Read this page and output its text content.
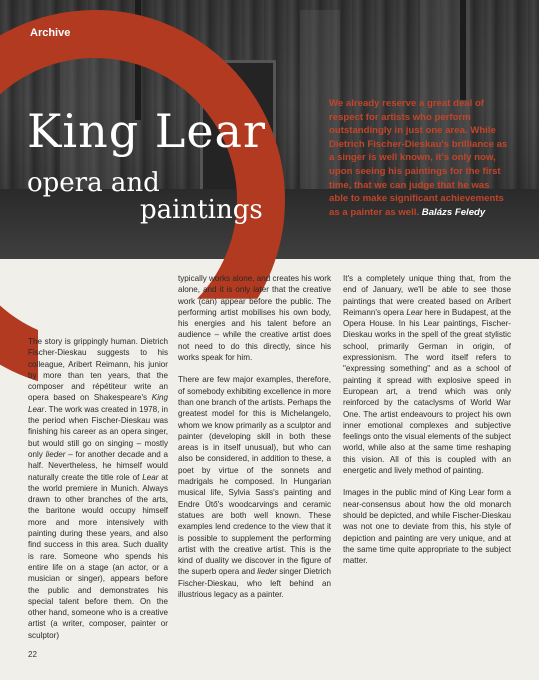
Archive
King Lear
opera and
paintings
We already reserve a great deal of respect for artists who perform outstandingly in just one area. While Dietrich Fischer-Dieskau's brilliance as a singer is well known, it's only now, upon seeing his paintings for the first time, that we can judge that he was able to make significant achievements as a painter as well. Balázs Feledy

The story is grippingly human. Dietrich Fischer-Dieskau suggests to his colleague, Aribert Reimann, his junior by more than ten years, that the composer and répétiteur write an opera based on Shakespeare's King Lear. The work was created in 1978, in the period when Fischer-Dieskau was finishing his career as an opera singer, but would still go on singing – mostly only lieder – for another decade and a half. Nevertheless, he himself would naturally create the title role of Lear at the world premiere in Munich. Always drawn to other branches of the arts, the baritone would occupy himself more and more intensively with painting during these years, and also find success in this area. Such duality is rare. Someone who spends his entire life on a stage (an actor, or a musician or singer), appears before the public and demonstrates his special talent before them. On the other hand, someone who is a creative artist (a writer, composer, painter or sculptor)

typically works alone, and creates his work alone, and it is only later that the creative work (can) appear before the public. The performing artist mobilises his own body, his energies and his talent before an audience – while the creative artist does not need to do this directly, since his works speak for him.

There are few major examples, therefore, of somebody exhibiting excellence in more than one branch of the artists. Perhaps the greatest model for this is Michelangelo, whom we know primarily as a sculptor and painter (developing skill in both these areas is in itself unusual), but who can also be considered, in addition to these, a poet by virtue of the sonnets and madrigals he composed. In Hungarian musical life, Sylvia Sass's painting and Endre Ütő's woodcarvings and ceramic statues are both well known. These examples lend credence to the view that it is possible to supplement the performing artist with the creative artist. This is the kind of duality we discover in the figure of the superb opera and lieder singer Dietrich Fischer-Dieskau, who left behind an illustrious legacy as a painter.

It's a completely unique thing that, from the end of January, we'll be able to see those paintings that were created based on Aribert Reimann's opera Lear here in Budapest, at the Opera House. In his Lear paintings, Fischer-Dieskau works in the spell of the great stylistic school, primarily German in origin, of expressionism. The word itself refers to "expressing something" and as a school of painting it spread with explosive speed in European art, a trend which was only reinforced by the cataclysms of World War One. The artist endeavours to project his own inner emotional complexes and subjective feelings onto the visual elements of the subject world, while also at the same time reshaping this vision. All of this is coupled with an energetic and lively method of painting.

Images in the public mind of King Lear form a near-consensus about how the old monarch should be depicted, and while Fischer-Dieskau was not one to deviate from this, his style of depiction and painting are very unique, and at the same time quite appropriate to the subject matter.

22
